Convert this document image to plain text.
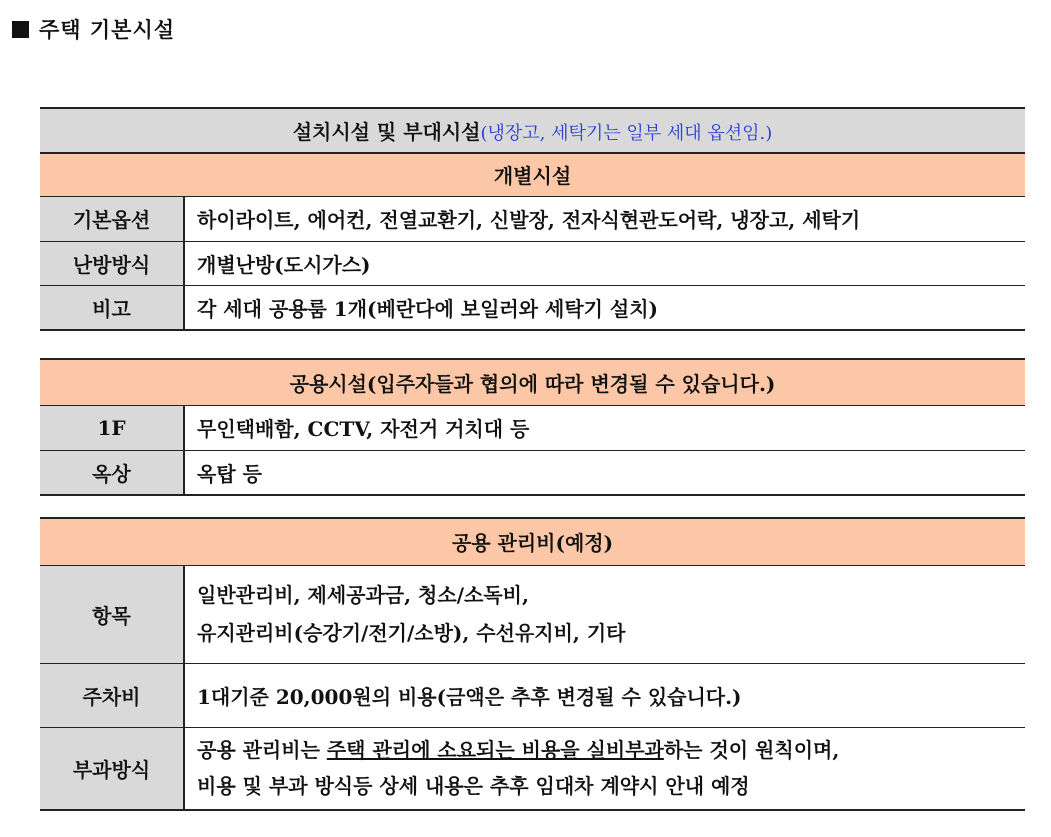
주택 기본시설
설치시설 및 부대시설(냉장고, 세탁기는 일부 세대 옵션임.)	
개별시설	
기본옵션	하이라이트, 에어컨, 전열교환기, 신발장, 전자식현관도어락, 냉장고, 세탁기
난방방식	개별난방(도시가스)
비고	각 세대 공용룸 1개(베란다에 보일러와 세탁기 설치)
공용시설(입주자들과 협의에 따라 변경될 수 있습니다.)	
1F	무인택배함, CCTV, 자전거 거치대 등
옥상	옥탑 등
공용 관리비(예정)	
항목	일반관리비, 제세공과금, 청소/소독비,
유지관리비(승강기/전기/소방), 수선유지비, 기타

주차비	1대기준 20,000원의 비용(금액은 추후 변경될 수 있습니다.)
부과방식	공용 관리비는 주택 관리에 소요되는 비용을 실비부과하는 것이 원칙이며,
비용 및 부과 방식등 상세 내용은 추후 임대차 계약시 안내 예정
